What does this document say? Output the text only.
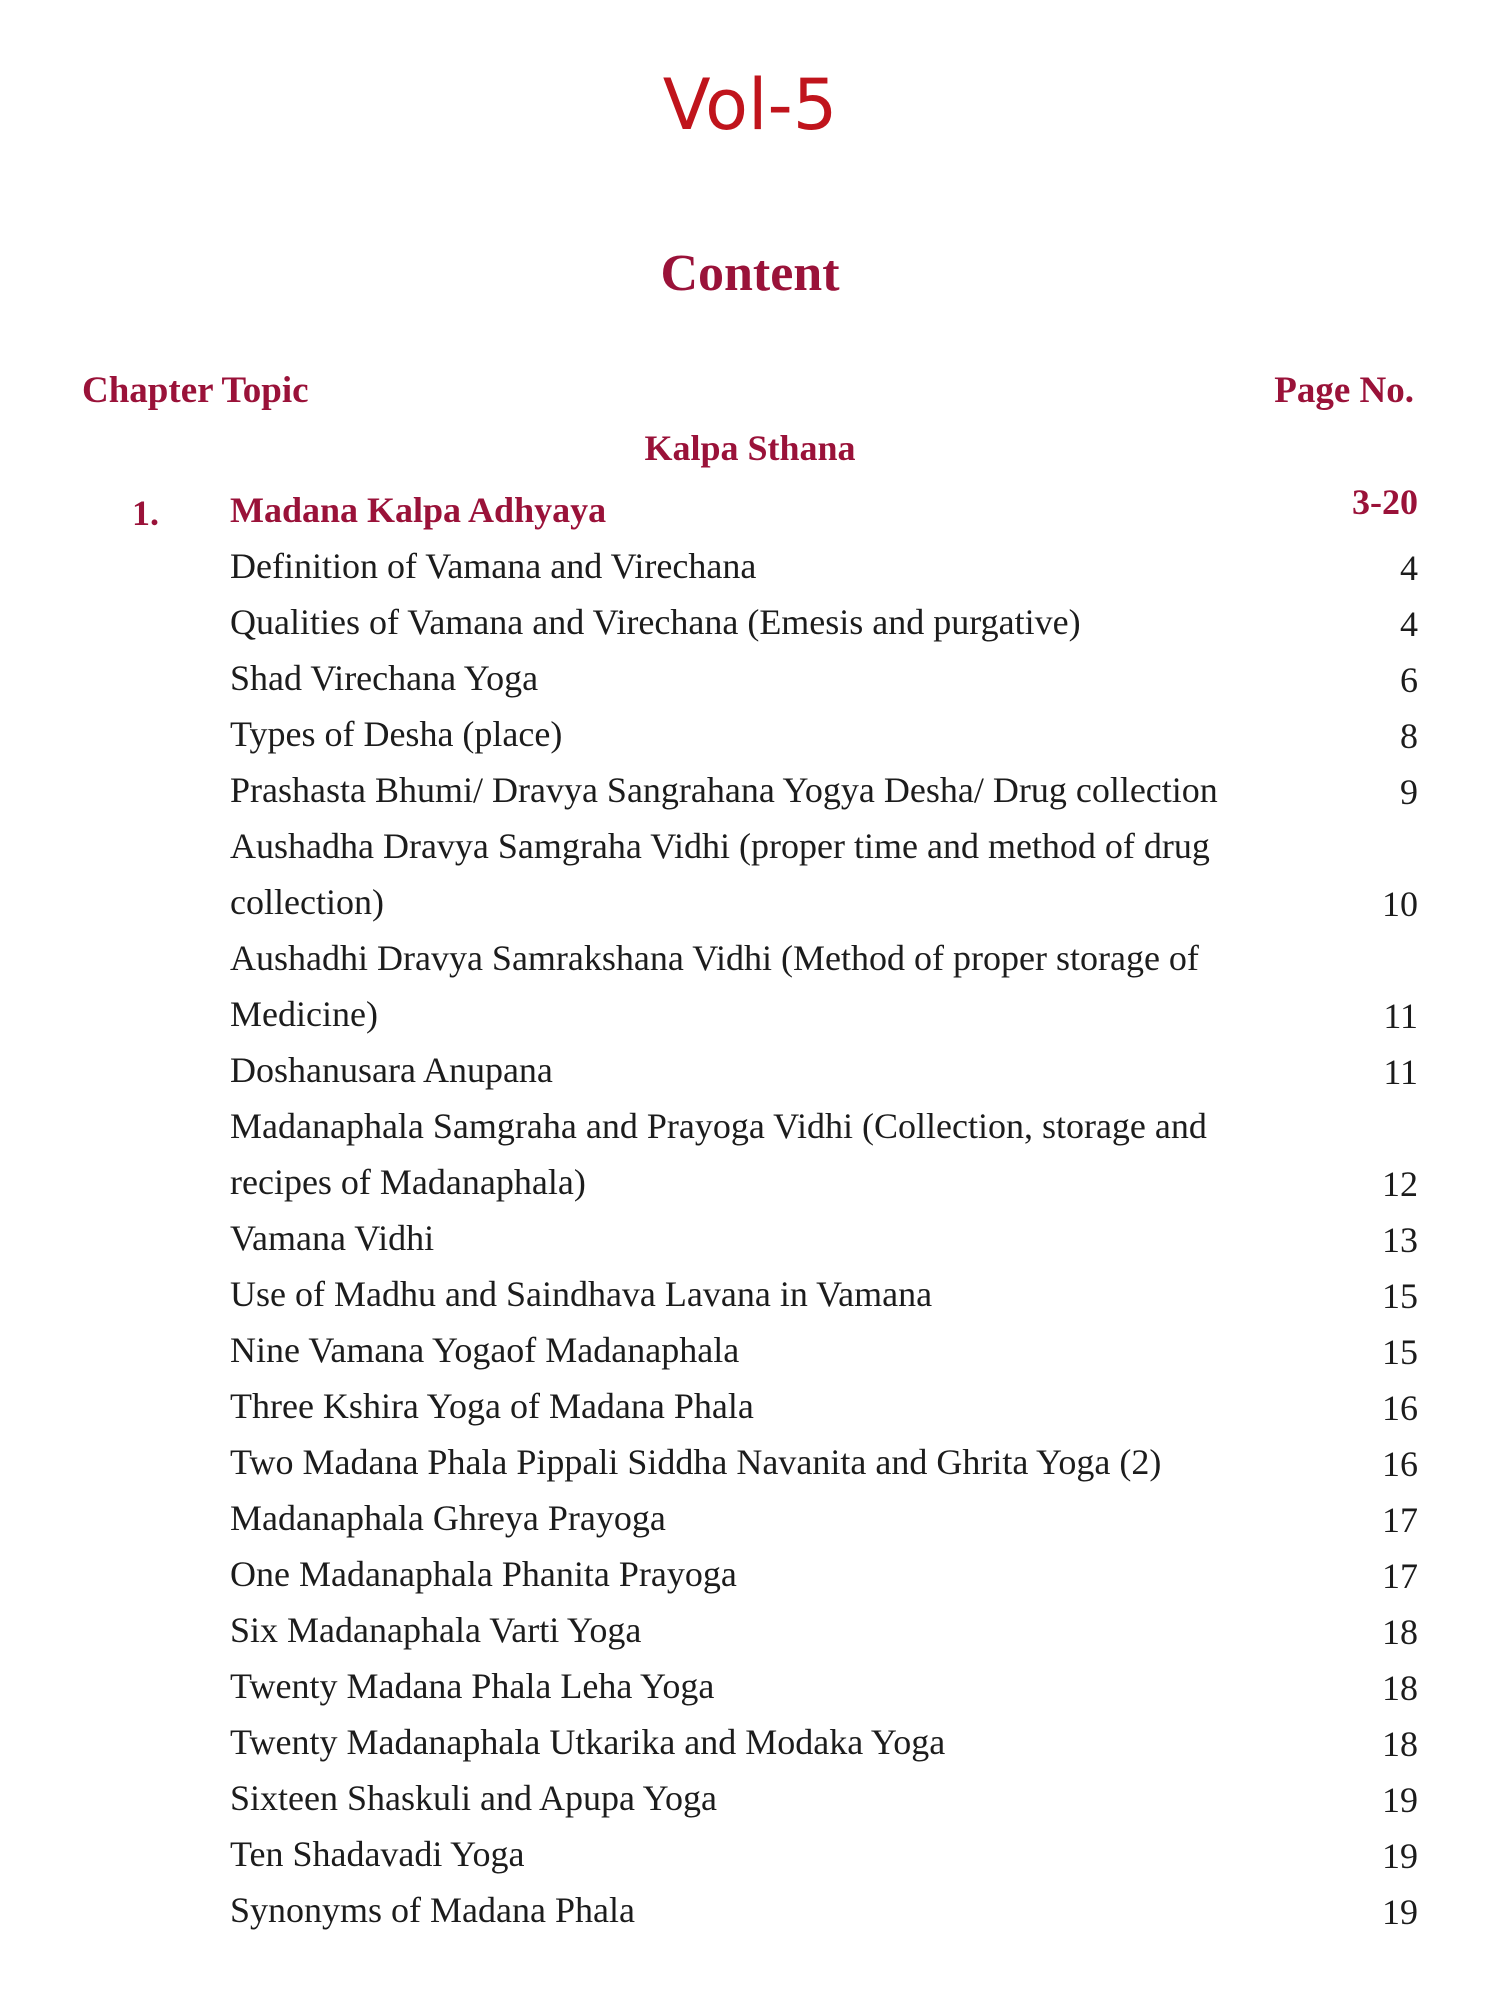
Vol-5
Content
Chapter Topic	Page No.
Kalpa Sthana
1. Madana Kalpa Adhyaya	3-20
Definition of Vamana and Virechana	4
Qualities of Vamana and Virechana (Emesis and purgative)	4
Shad Virechana Yoga	6
Types of Desha (place)	8
Prashasta Bhumi/ Dravya Sangrahana Yogya Desha/ Drug collection	9
Aushadha Dravya Samgraha Vidhi (proper time and method of drug collection)	10
Aushadhi Dravya Samrakshana Vidhi (Method of proper storage of Medicine)	11
Doshanusara Anupana	11
Madanaphala Samgraha and Prayoga Vidhi (Collection, storage and recipes of Madanaphala)	12
Vamana Vidhi	13
Use of Madhu and Saindhava Lavana in Vamana	15
Nine Vamana Yogaof Madanaphala	15
Three Kshira Yoga of Madana Phala	16
Two Madana Phala Pippali Siddha Navanita and Ghrita Yoga (2)	16
Madanaphala Ghreya Prayoga	17
One Madanaphala Phanita Prayoga	17
Six Madanaphala Varti Yoga	18
Twenty Madana Phala Leha Yoga	18
Twenty Madanaphala Utkarika and Modaka Yoga	18
Sixteen Shaskuli and Apupa Yoga	19
Ten Shadavadi Yoga	19
Synonyms of Madana Phala	19
